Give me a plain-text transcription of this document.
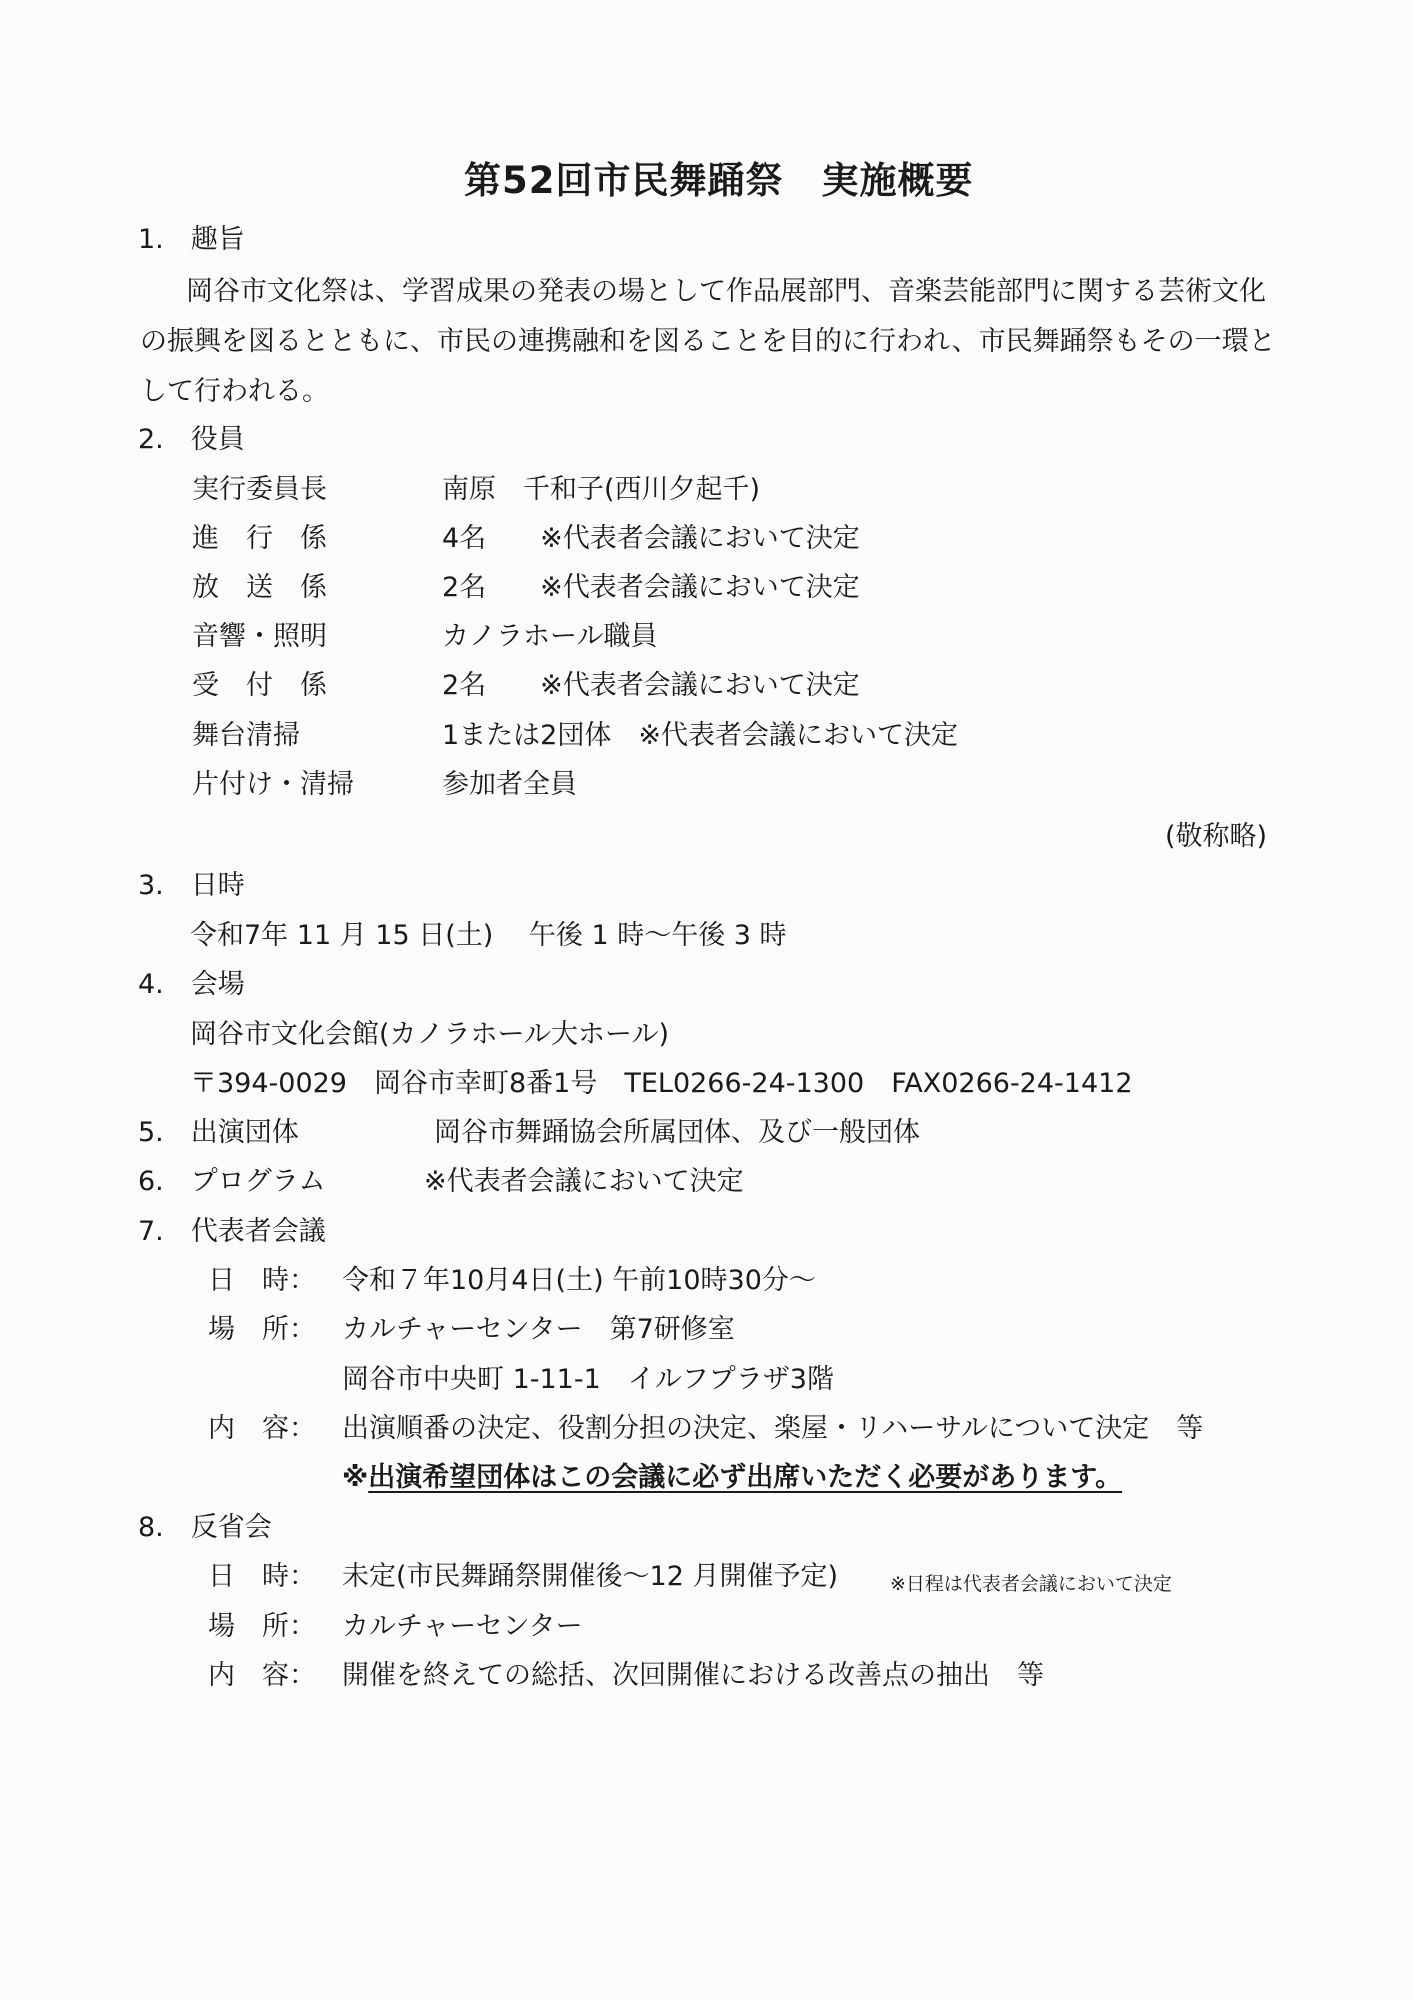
第52回市民舞踊祭　実施概要
1.　趣旨
岡谷市文化祭は、学習成果の発表の場として作品展部門、音楽芸能部門に関する芸術文化
の振興を図るとともに、市民の連携融和を図ることを目的に行われ、市民舞踊祭もその一環と
して行われる。
2.　役員
実行委員長	南原　千和子(西川夕起千)
進　行　係	4名　　※代表者会議において決定
放　送　係	2名　　※代表者会議において決定
音響・照明	カノラホール職員
受　付　係	2名　　※代表者会議において決定
舞台清掃	1または2団体　※代表者会議において決定
片付け・清掃	参加者全員
(敬称略)
3.　日時
令和7年 11 月 15 日(土)　 午後 1 時～午後 3 時
4.　会場
岡谷市文化会館(カノラホール大ホール)
〒394-0029　岡谷市幸町8番1号　TEL0266-24-1300　FAX0266-24-1412
5.　出演団体	岡谷市舞踊協会所属団体、及び一般団体
6.　プログラム	※代表者会議において決定
7.　代表者会議
日　時： 令和７年10月4日(土) 午前10時30分～
場　所： カルチャーセンター　第7研修室
岡谷市中央町 1-11-1　イルフプラザ3階
内　容： 出演順番の決定、役割分担の決定、楽屋・リハーサルについて決定　等
※出演希望団体はこの会議に必ず出席いただく必要があります。
8.　反省会
日　時： 未定(市民舞踊祭開催後～12 月開催予定)	※日程は代表者会議において決定
場　所： カルチャーセンター
内　容： 開催を終えての総括、次回開催における改善点の抽出　等
